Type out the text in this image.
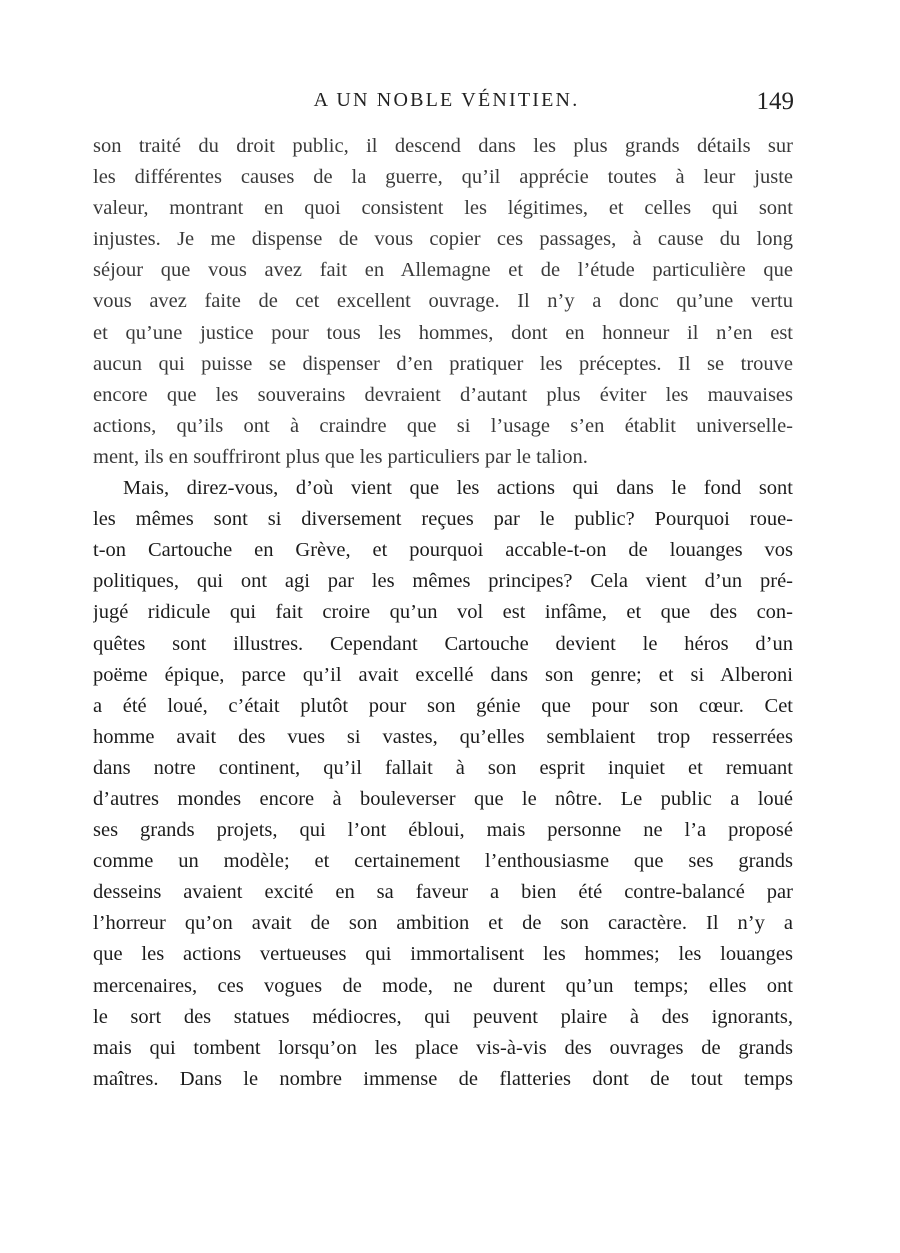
A UN NOBLE VÉNITIEN.	149
son traité du droit public, il descend dans les plus grands détails sur
les différentes causes de la guerre, qu’il apprécie toutes à leur juste
valeur, montrant en quoi consistent les légitimes, et celles qui sont
injustes. Je me dispense de vous copier ces passages, à cause du long
séjour que vous avez fait en Allemagne et de l’étude particulière que
vous avez faite de cet excellent ouvrage. Il n’y a donc qu’une vertu
et qu’une justice pour tous les hommes, dont en honneur il n’en est
aucun qui puisse se dispenser d’en pratiquer les préceptes. Il se trouve
encore que les souverains devraient d’autant plus éviter les mauvaises
actions, qu’ils ont à craindre que si l’usage s’en établit universelle-
ment, ils en souffriront plus que les particuliers par le talion.
Mais, direz-vous, d’où vient que les actions qui dans le fond sont
les mêmes sont si diversement reçues par le public? Pourquoi roue-
t-on Cartouche en Grève, et pourquoi accable-t-on de louanges vos
politiques, qui ont agi par les mêmes principes? Cela vient d’un pré-
jugé ridicule qui fait croire qu’un vol est infâme, et que des con-
quêtes sont illustres. Cependant Cartouche devient le héros d’un
poëme épique, parce qu’il avait excellé dans son genre; et si Alberoni
a été loué, c’était plutôt pour son génie que pour son cœur. Cet
homme avait des vues si vastes, qu’elles semblaient trop resserrées
dans notre continent, qu’il fallait à son esprit inquiet et remuant
d’autres mondes encore à bouleverser que le nôtre. Le public a loué
ses grands projets, qui l’ont ébloui, mais personne ne l’a proposé
comme un modèle; et certainement l’enthousiasme que ses grands
desseins avaient excité en sa faveur a bien été contre-balancé par
l’horreur qu’on avait de son ambition et de son caractère. Il n’y a
que les actions vertueuses qui immortalisent les hommes; les louanges
mercenaires, ces vogues de mode, ne durent qu’un temps; elles ont
le sort des statues médiocres, qui peuvent plaire à des ignorants,
mais qui tombent lorsqu’on les place vis-à-vis des ouvrages de grands
maîtres. Dans le nombre immense de flatteries dont de tout temps
